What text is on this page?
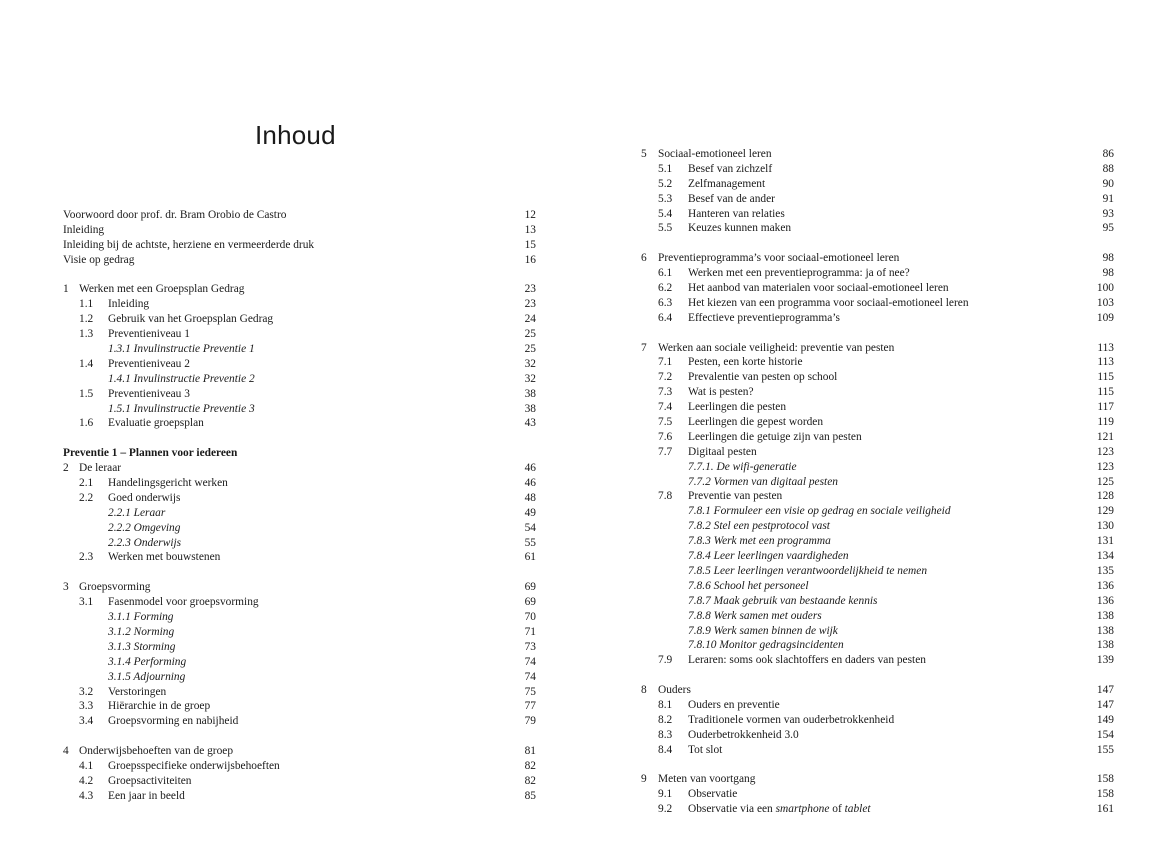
Inhoud
Voorwoord door prof. dr. Bram Orobio de Castro	12
Inleiding	13
Inleiding bij de achtste, herziene en vermeerderde druk	15
Visie op gedrag	16
1 Werken met een Groepsplan Gedrag	23
1.1 Inleiding	23
1.2 Gebruik van het Groepsplan Gedrag	24
1.3 Preventieniveau 1	25
1.3.1 Invulinstructie Preventie 1	25
1.4 Preventieniveau 2	32
1.4.1 Invulinstructie Preventie 2	32
1.5 Preventieniveau 3	38
1.5.1 Invulinstructie Preventie 3	38
1.6 Evaluatie groepsplan	43
Preventie 1 – Plannen voor iedereen
2 De leraar	46
2.1 Handelingsgericht werken	46
2.2 Goed onderwijs	48
2.2.1 Leraar	49
2.2.2 Omgeving	54
2.2.3 Onderwijs	55
2.3 Werken met bouwstenen	61
3 Groepsvorming	69
3.1 Fasenmodel voor groepsvorming	69
3.1.1 Forming	70
3.1.2 Norming	71
3.1.3 Storming	73
3.1.4 Performing	74
3.1.5 Adjourning	74
3.2 Verstoringen	75
3.3 Hiërarchie in de groep	77
3.4 Groepsvorming en nabijheid	79
4 Onderwijsbehoeften van de groep	81
4.1 Groepsspecifieke onderwijsbehoeften	82
4.2 Groepsactiviteiten	82
4.3 Een jaar in beeld	85
5 Sociaal-emotioneel leren	86
5.1 Besef van zichzelf	88
5.2 Zelfmanagement	90
5.3 Besef van de ander	91
5.4 Hanteren van relaties	93
5.5 Keuzes kunnen maken	95
6 Preventieprogramma’s voor sociaal-emotioneel leren	98
6.1 Werken met een preventieprogramma: ja of nee?	98
6.2 Het aanbod van materialen voor sociaal-emotioneel leren	100
6.3 Het kiezen van een programma voor sociaal-emotioneel leren	103
6.4 Effectieve preventieprogramma’s	109
7 Werken aan sociale veiligheid: preventie van pesten	113
7.1 Pesten, een korte historie	113
7.2 Prevalentie van pesten op school	115
7.3 Wat is pesten?	115
7.4 Leerlingen die pesten	117
7.5 Leerlingen die gepest worden	119
7.6 Leerlingen die getuige zijn van pesten	121
7.7 Digitaal pesten	123
7.7.1. De wifi-generatie	123
7.7.2 Vormen van digitaal pesten	125
7.8 Preventie van pesten	128
7.8.1 Formuleer een visie op gedrag en sociale veiligheid	129
7.8.2 Stel een pestprotocol vast	130
7.8.3 Werk met een programma	131
7.8.4 Leer leerlingen vaardigheden	134
7.8.5 Leer leerlingen verantwoordelijkheid te nemen	135
7.8.6 School het personeel	136
7.8.7 Maak gebruik van bestaande kennis	136
7.8.8 Werk samen met ouders	138
7.8.9 Werk samen binnen de wijk	138
7.8.10 Monitor gedragsincidenten	138
7.9 Leraren: soms ook slachtoffers en daders van pesten	139
8 Ouders	147
8.1 Ouders en preventie	147
8.2 Traditionele vormen van ouderbetrokkenheid	149
8.3 Ouderbetrokkenheid 3.0	154
8.4 Tot slot	155
9 Meten van voortgang	158
9.1 Observatie	158
9.2 Observatie via een smartphone of tablet	161
